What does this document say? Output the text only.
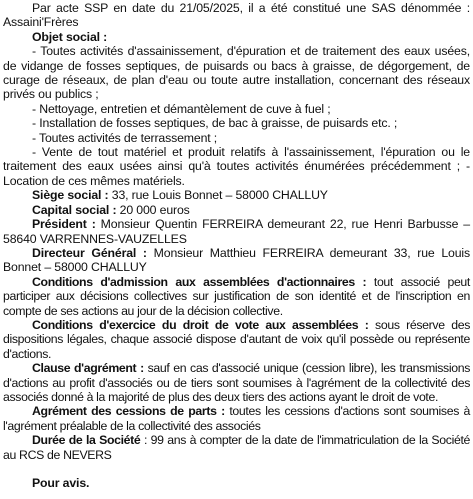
Par acte SSP en date du 21/05/2025, il a été constitué une SAS dénommée : Assaini'Frères

Objet social :

- Toutes activités d'assainissement, d'épuration et de traitement des eaux usées, de vidange de fosses septiques, de puisards ou bacs à graisse, de dégorgement, de curage de réseaux, de plan d'eau ou toute autre installation, concernant des réseaux privés ou publics ;

- Nettoyage, entretien et démantèlement de cuve à fuel ;

- Installation de fosses septiques, de bac à graisse, de puisards etc. ;

- Toutes activités de terrassement ;

- Vente de tout matériel et produit relatifs à l'assainissement, l'épuration ou le traitement des eaux usées ainsi qu'à toutes activités énumérées précédemment ; - Location de ces mêmes matériels.

Siège social : 33, rue Louis Bonnet – 58000 CHALLUY

Capital social : 20 000 euros

Président : Monsieur Quentin FERREIRA demeurant 22, rue Henri Barbusse – 58640 VARRENNES-VAUZELLES

Directeur Général : Monsieur Matthieu FERREIRA demeurant 33, rue Louis Bonnet – 58000 CHALLUY

Conditions d'admission aux assemblées d'actionnaires : tout associé peut participer aux décisions collectives sur justification de son identité et de l'inscription en compte de ses actions au jour de la décision collective.

Conditions d'exercice du droit de vote aux assemblées : sous réserve des dispositions légales, chaque associé dispose d'autant de voix qu'il possède ou représente d'actions.

Clause d'agrément : sauf en cas d'associé unique (cession libre), les transmissions d'actions au profit d'associés ou de tiers sont soumises à l'agrément de la collectivité des associés donné à la majorité de plus des deux tiers des actions ayant le droit de vote.

Agrément des cessions de parts : toutes les cessions d'actions sont soumises à l'agrément préalable de la collectivité des associés

Durée de la Société : 99 ans à compter de la date de l'immatriculation de la Société au RCS de NEVERS

Pour avis.
